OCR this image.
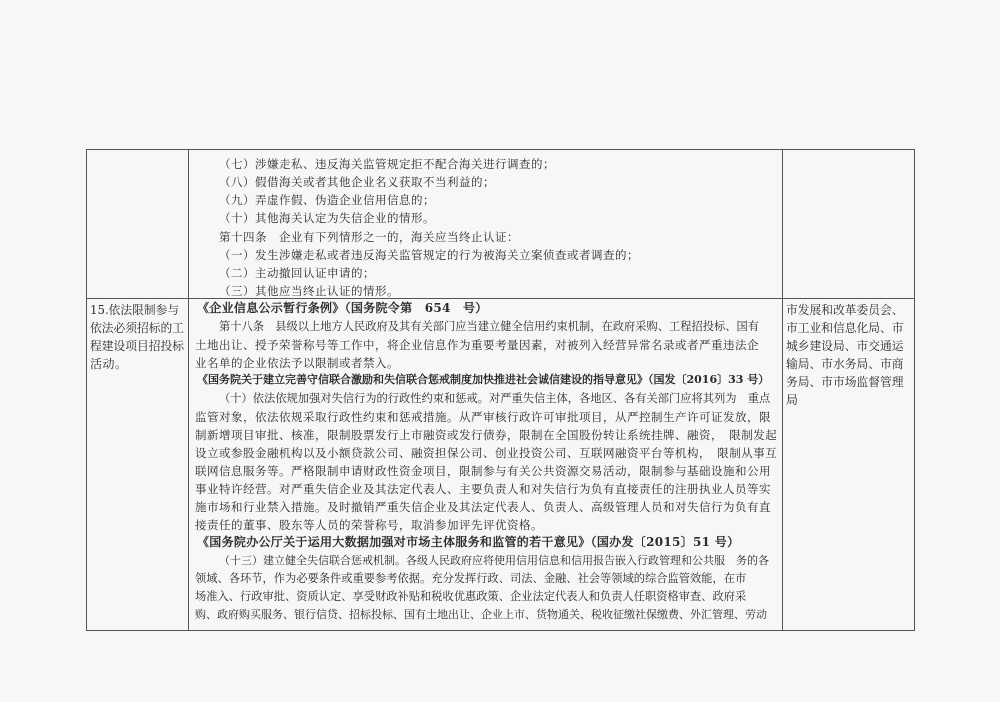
（七）涉嫌走私、违反海关监管规定拒不配合海关进行调查的；
（八）假借海关或者其他企业名义获取不当利益的；
（九）弄虚作假、伪造企业信用信息的；
（十）其他海关认定为失信企业的情形。
第十四条　企业有下列情形之一的，海关应当终止认证：
（一）发生涉嫌走私或者违反海关监管规定的行为被海关立案侦查或者调查的；
（二）主动撤回认证申请的；
（三）其他应当终止认证的情形。
15.依法限制参与
依法必须招标的工
程建设项目招投标
活动。
《企业信息公示暂行条例》（国务院令第　654　号）
第十八条　县级以上地方人民政府及其有关部门应当建立健全信用约束机制，在政府采购、工程招投标、国有
土地出让、授予荣誉称号等工作中，将企业信息作为重要考量因素，对被列入经营异常名录或者严重违法企
业名单的企业依法予以限制或者禁入。
《国务院关于建立完善守信联合激励和失信联合惩戒制度加快推进社会诚信建设的指导意见》（国发〔2016〕33 号）
（十）依法依规加强对失信行为的行政性约束和惩戒。对严重失信主体，各地区、各有关部门应将其列为　重点
监管对象，依法依规采取行政性约束和惩戒措施。从严审核行政许可审批项目，从严控制生产许可证发放，限
制新增项目审批、核准，限制股票发行上市融资或发行债券，限制在全国股份转让系统挂牌、融资，　限制发起
设立或参股金融机构以及小额贷款公司、融资担保公司、创业投资公司、互联网融资平台等机构，　限制从事互
联网信息服务等。严格限制申请财政性资金项目，限制参与有关公共资源交易活动，限制参与基础设施和公用
事业特许经营。对严重失信企业及其法定代表人、主要负责人和对失信行为负有直接责任的注册执业人员等实
施市场和行业禁入措施。及时撤销严重失信企业及其法定代表人、负责人、高级管理人员和对失信行为负有直
接责任的董事、股东等人员的荣誉称号，取消参加评先评优资格。
《国务院办公厅关于运用大数据加强对市场主体服务和监管的若干意见》（国办发〔2015〕51 号）
（十三）建立健全失信联合惩戒机制。各级人民政府应将使用信用信息和信用报告嵌入行政管理和公共服　务的各
领域、各环节，作为必要条件或重要参考依据。充分发挥行政、司法、金融、社会等领域的综合监管效能，在市
场准入、行政审批、资质认定、享受财政补贴和税收优惠政策、企业法定代表人和负责人任职资格审查、政府采
购、政府购买服务、银行信贷、招标投标、国有土地出让、企业上市、货物通关、税收征缴社保缴费、外汇管理、劳动
市发展和改革委员会、
市工业和信息化局、市
城乡建设局、市交通运
输局、市水务局、市商
务局、市市场监督管理
局
